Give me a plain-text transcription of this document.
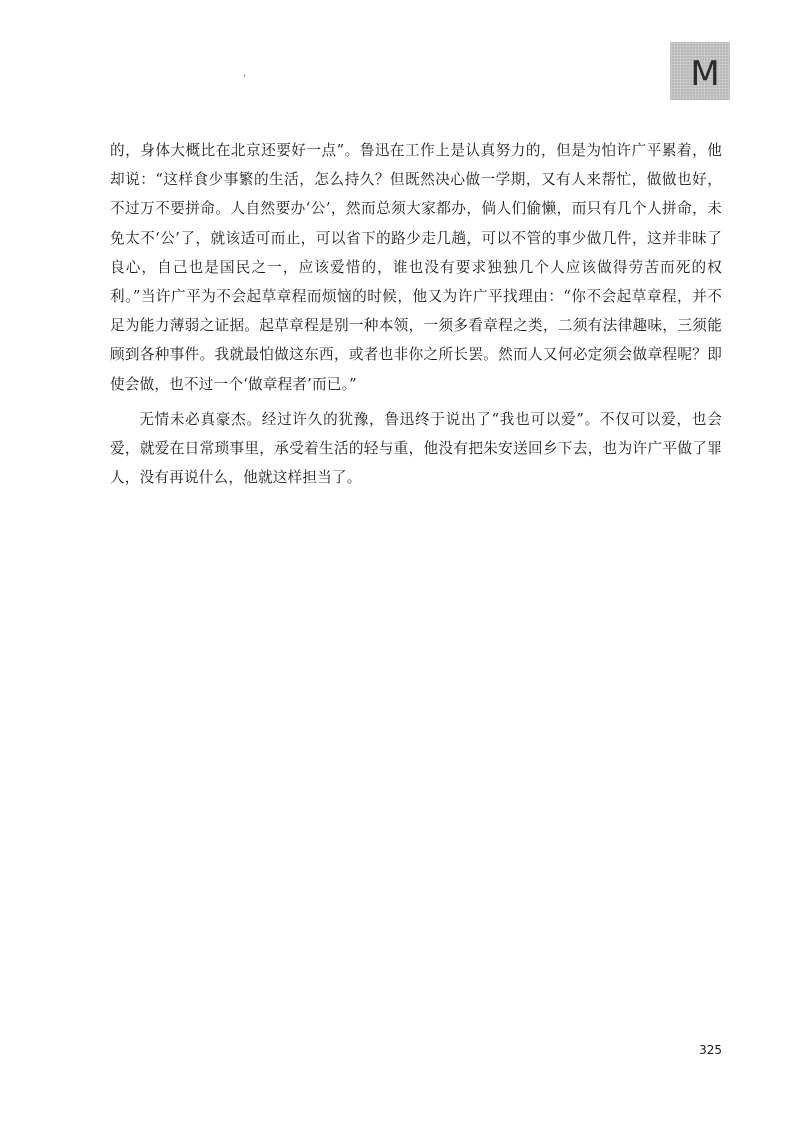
M

的，身体大概比在北京还要好一点”。鲁迅在工作上是认真努力的，但是为怕许广平累着，他却说：“这样食少事繁的生活，怎么持久？但既然决心做一学期，又有人来帮忙，做做也好，不过万不要拼命。人自然要办‘公’，然而总须大家都办，倘人们偷懒，而只有几个人拼命，未免太不‘公’了，就该适可而止，可以省下的路少走几趟，可以不管的事少做几件，这并非昧了良心，自己也是国民之一，应该爱惜的，谁也没有要求独独几个人应该做得劳苦而死的权利。”当许广平为不会起草章程而烦恼的时候，他又为许广平找理由：“你不会起草章程，并不足为能力薄弱之证据。起草章程是别一种本领，一须多看章程之类，二须有法律趣味，三须能顾到各种事件。我就最怕做这东西，或者也非你之所长罢。然而人又何必定须会做章程呢？即使会做，也不过一个‘做章程者’而已。”

无情未必真豪杰。经过许久的犹豫，鲁迅终于说出了“我也可以爱”。不仅可以爱，也会爱，就爱在日常琐事里，承受着生活的轻与重，他没有把朱安送回乡下去，也为许广平做了罪人，没有再说什么，他就这样担当了。

325
